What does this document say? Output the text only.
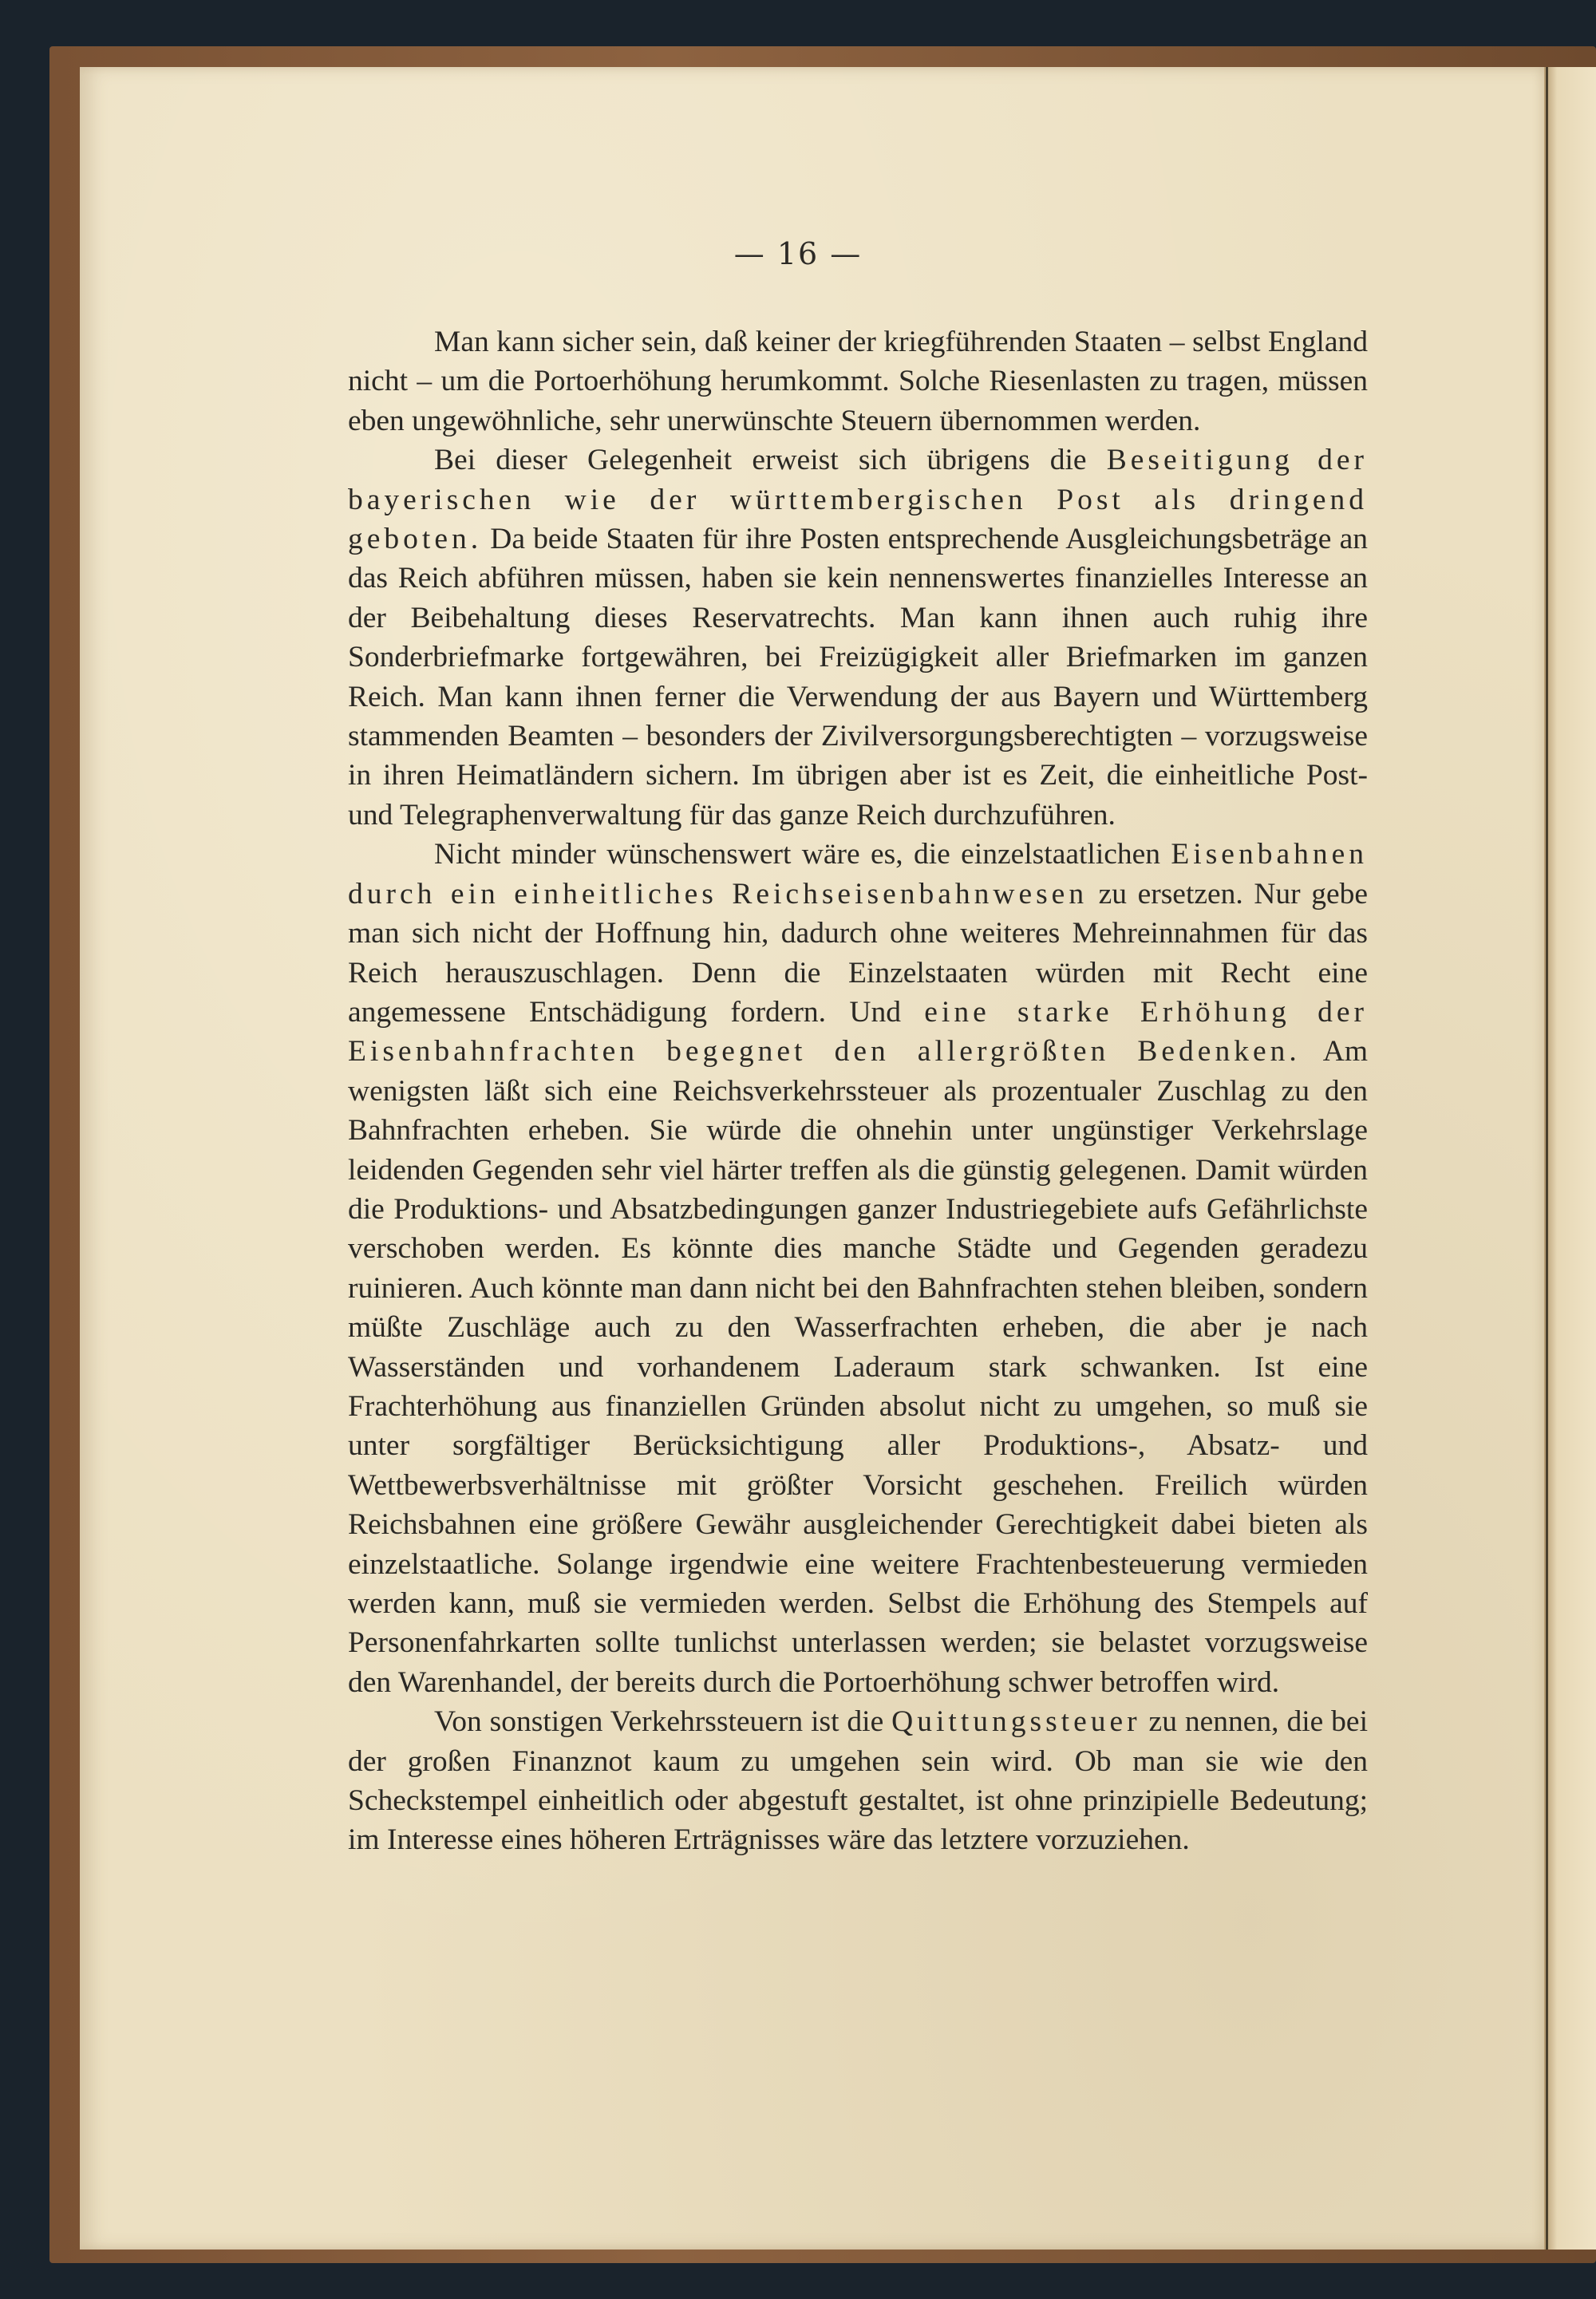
— 16 —

Man kann sicher sein, daß keiner der kriegführenden Staaten – selbst England nicht – um die Portoerhöhung herumkommt. Solche Riesenlasten zu tragen, müssen eben ungewöhnliche, sehr unerwünschte Steuern übernommen werden.

Bei dieser Gelegenheit erweist sich übrigens die Beseitigung der bayerischen wie der württembergischen Post als dringend geboten. Da beide Staaten für ihre Posten entsprechende Ausgleichungsbeträge an das Reich abführen müssen, haben sie kein nennenswertes finanzielles Interesse an der Beibehaltung dieses Reservatrechts. Man kann ihnen auch ruhig ihre Sonderbriefmarke fortgewähren, bei Freizügigkeit aller Briefmarken im ganzen Reich. Man kann ihnen ferner die Verwendung der aus Bayern und Württemberg stammenden Beamten – besonders der Zivilversorgungsberechtigten – vorzugsweise in ihren Heimatländern sichern. Im übrigen aber ist es Zeit, die einheitliche Post- und Telegraphenverwaltung für das ganze Reich durchzuführen.

Nicht minder wünschenswert wäre es, die einzelstaatlichen Eisenbahnen durch ein einheitliches Reichseisenbahnwesen zu ersetzen. Nur gebe man sich nicht der Hoffnung hin, dadurch ohne weiteres Mehreinnahmen für das Reich herauszuschlagen. Denn die Einzelstaaten würden mit Recht eine angemessene Entschädigung fordern. Und eine starke Erhöhung der Eisenbahnfrachten begegnet den allergrößten Bedenken. Am wenigsten läßt sich eine Reichsverkehrssteuer als prozentualer Zuschlag zu den Bahnfrachten erheben. Sie würde die ohnehin unter ungünstiger Verkehrslage leidenden Gegenden sehr viel härter treffen als die günstig gelegenen. Damit würden die Produktions- und Absatzbedingungen ganzer Industriegebiete aufs Gefährlichste verschoben werden. Es könnte dies manche Städte und Gegenden geradezu ruinieren. Auch könnte man dann nicht bei den Bahnfrachten stehen bleiben, sondern müßte Zuschläge auch zu den Wasserfrachten erheben, die aber je nach Wasserständen und vorhandenem Laderaum stark schwanken. Ist eine Frachterhöhung aus finanziellen Gründen absolut nicht zu umgehen, so muß sie unter sorgfältiger Berücksichtigung aller Produktions-, Absatz- und Wettbewerbsverhältnisse mit größter Vorsicht geschehen. Freilich würden Reichsbahnen eine größere Gewähr ausgleichender Gerechtigkeit dabei bieten als einzelstaatliche. Solange irgendwie eine weitere Frachtenbesteuerung vermieden werden kann, muß sie vermieden werden. Selbst die Erhöhung des Stempels auf Personenfahrkarten sollte tunlichst unterlassen werden; sie belastet vorzugsweise den Warenhandel, der bereits durch die Portoerhöhung schwer betroffen wird.

Von sonstigen Verkehrssteuern ist die Quittungssteuer zu nennen, die bei der großen Finanznot kaum zu umgehen sein wird. Ob man sie wie den Scheckstempel einheitlich oder abgestuft gestaltet, ist ohne prinzipielle Bedeutung; im Interesse eines höheren Erträgnisses wäre das letztere vorzuziehen.
